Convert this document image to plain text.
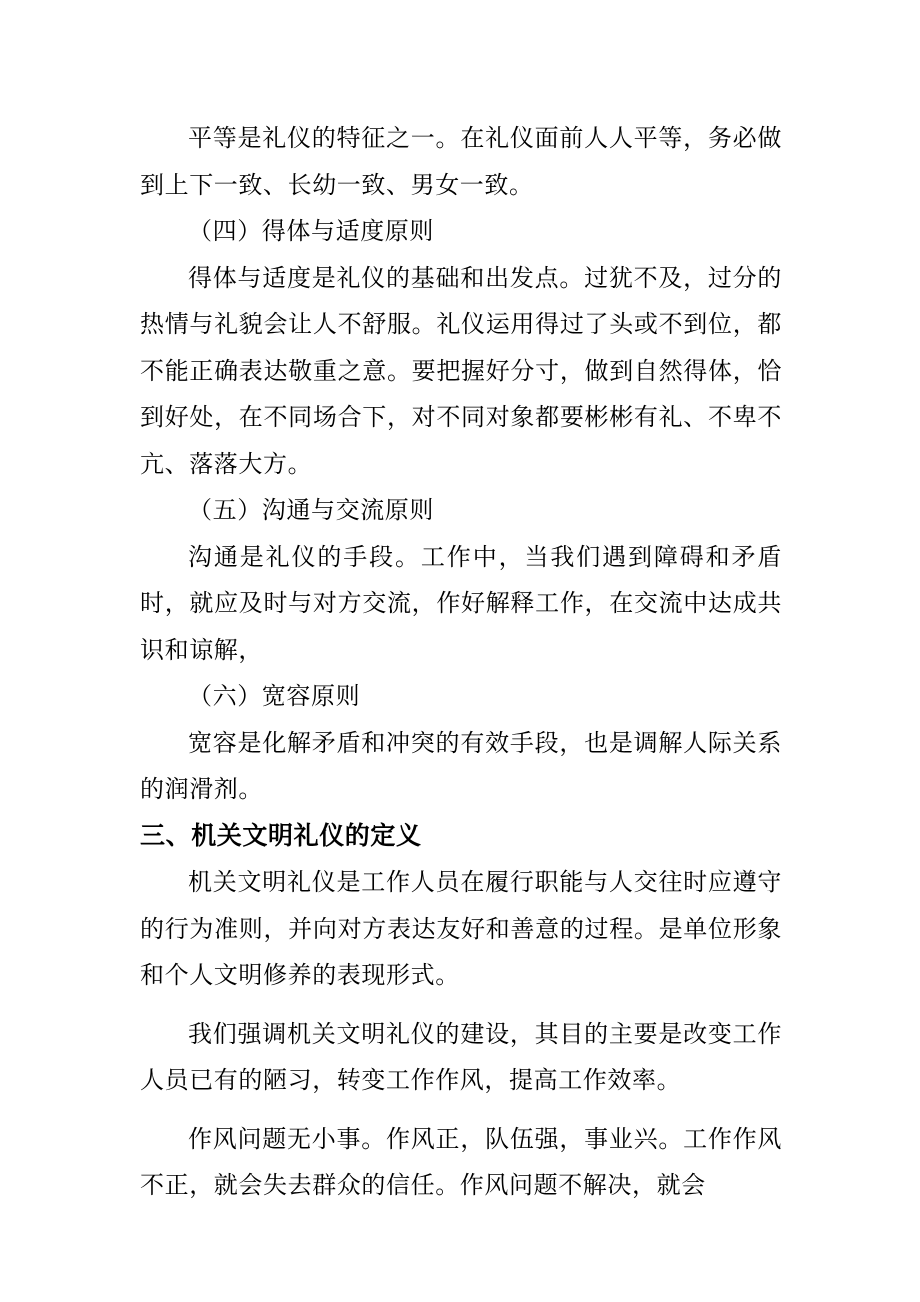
平等是礼仪的特征之一。在礼仪面前人人平等，务必做到上下一致、长幼一致、男女一致。

（四）得体与适度原则

得体与适度是礼仪的基础和出发点。过犹不及，过分的热情与礼貌会让人不舒服。礼仪运用得过了头或不到位，都不能正确表达敬重之意。要把握好分寸，做到自然得体，恰到好处，在不同场合下，对不同对象都要彬彬有礼、不卑不亢、落落大方。

（五）沟通与交流原则

沟通是礼仪的手段。工作中，当我们遇到障碍和矛盾时，就应及时与对方交流，作好解释工作，在交流中达成共识和谅解，

（六）宽容原则

宽容是化解矛盾和冲突的有效手段，也是调解人际关系的润滑剂。

三、机关文明礼仪的定义

机关文明礼仪是工作人员在履行职能与人交往时应遵守的行为准则，并向对方表达友好和善意的过程。是单位形象和个人文明修养的表现形式。

我们强调机关文明礼仪的建设，其目的主要是改变工作人员已有的陋习，转变工作作风，提高工作效率。

作风问题无小事。作风正，队伍强，事业兴。工作作风不正，就会失去群众的信任。作风问题不解决，就会
